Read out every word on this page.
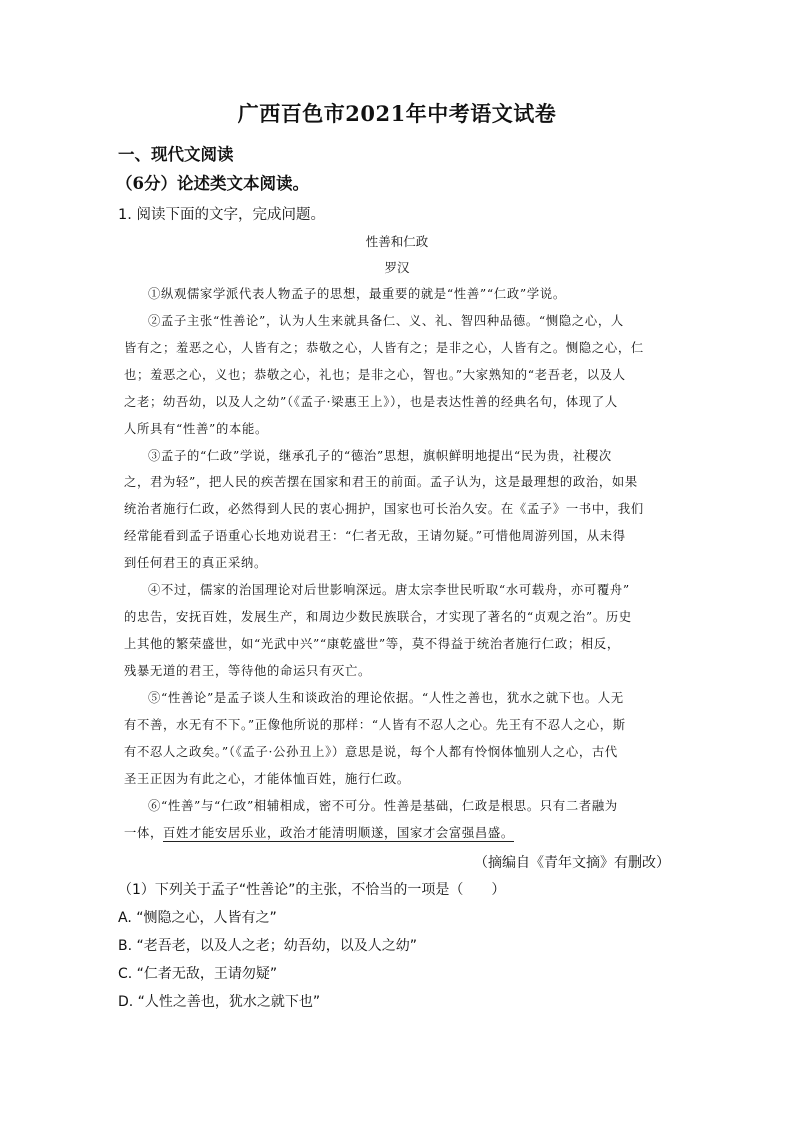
广西百色市2021年中考语文试卷
一、现代文阅读
（6分）论述类文本阅读。
1. 阅读下面的文字，完成问题。
性善和仁政
罗汉
①纵观儒家学派代表人物孟子的思想，最重要的就是“性善”“仁政”学说。
②孟子主张“性善论”，认为人生来就具备仁、义、礼、智四种品德。“恻隐之心，人
皆有之；羞恶之心，人皆有之；恭敬之心，人皆有之；是非之心，人皆有之。恻隐之心，仁
也；羞恶之心，义也；恭敬之心，礼也；是非之心，智也。”大家熟知的“老吾老，以及人
之老；幼吾幼，以及人之幼”（《孟子·梁惠王上》），也是表达性善的经典名句，体现了人
人所具有“性善”的本能。
③孟子的“仁政”学说，继承孔子的“德治”思想，旗帜鲜明地提出“民为贵，社稷次
之，君为轻”，把人民的疾苦摆在国家和君王的前面。孟子认为，这是最理想的政治，如果
统治者施行仁政，必然得到人民的衷心拥护，国家也可长治久安。在《孟子》一书中，我们
经常能看到孟子语重心长地劝说君王：“仁者无敌，王请勿疑。”可惜他周游列国，从未得
到任何君王的真正采纳。
④不过，儒家的治国理论对后世影响深远。唐太宗李世民听取“水可载舟，亦可覆舟”
的忠告，安抚百姓，发展生产，和周边少数民族联合，才实现了著名的“贞观之治”。历史
上其他的繁荣盛世，如“光武中兴”“康乾盛世”等，莫不得益于统治者施行仁政；相反，
残暴无道的君王，等待他的命运只有灭亡。
⑤“性善论”是孟子谈人生和谈政治的理论依据。“人性之善也，犹水之就下也。人无
有不善，水无有不下。”正像他所说的那样：“人皆有不忍人之心。先王有不忍人之心，斯
有不忍人之政矣。”（《孟子·公孙丑上》）意思是说，每个人都有怜悯体恤别人之心，古代
圣王正因为有此之心，才能体恤百姓，施行仁政。
⑥“性善”与“仁政”相辅相成，密不可分。性善是基础，仁政是根思。只有二者融为
一体，百姓才能安居乐业，政治才能清明顺遂，国家才会富强昌盛。
（摘编自《青年文摘》有删改）
（1）下列关于孟子“性善论”的主张，不恰当的一项是（　　）
A. “恻隐之心，人皆有之”
B. “老吾老，以及人之老；幼吾幼，以及人之幼”
C. “仁者无敌，王请勿疑”
D. “人性之善也，犹水之就下也”
